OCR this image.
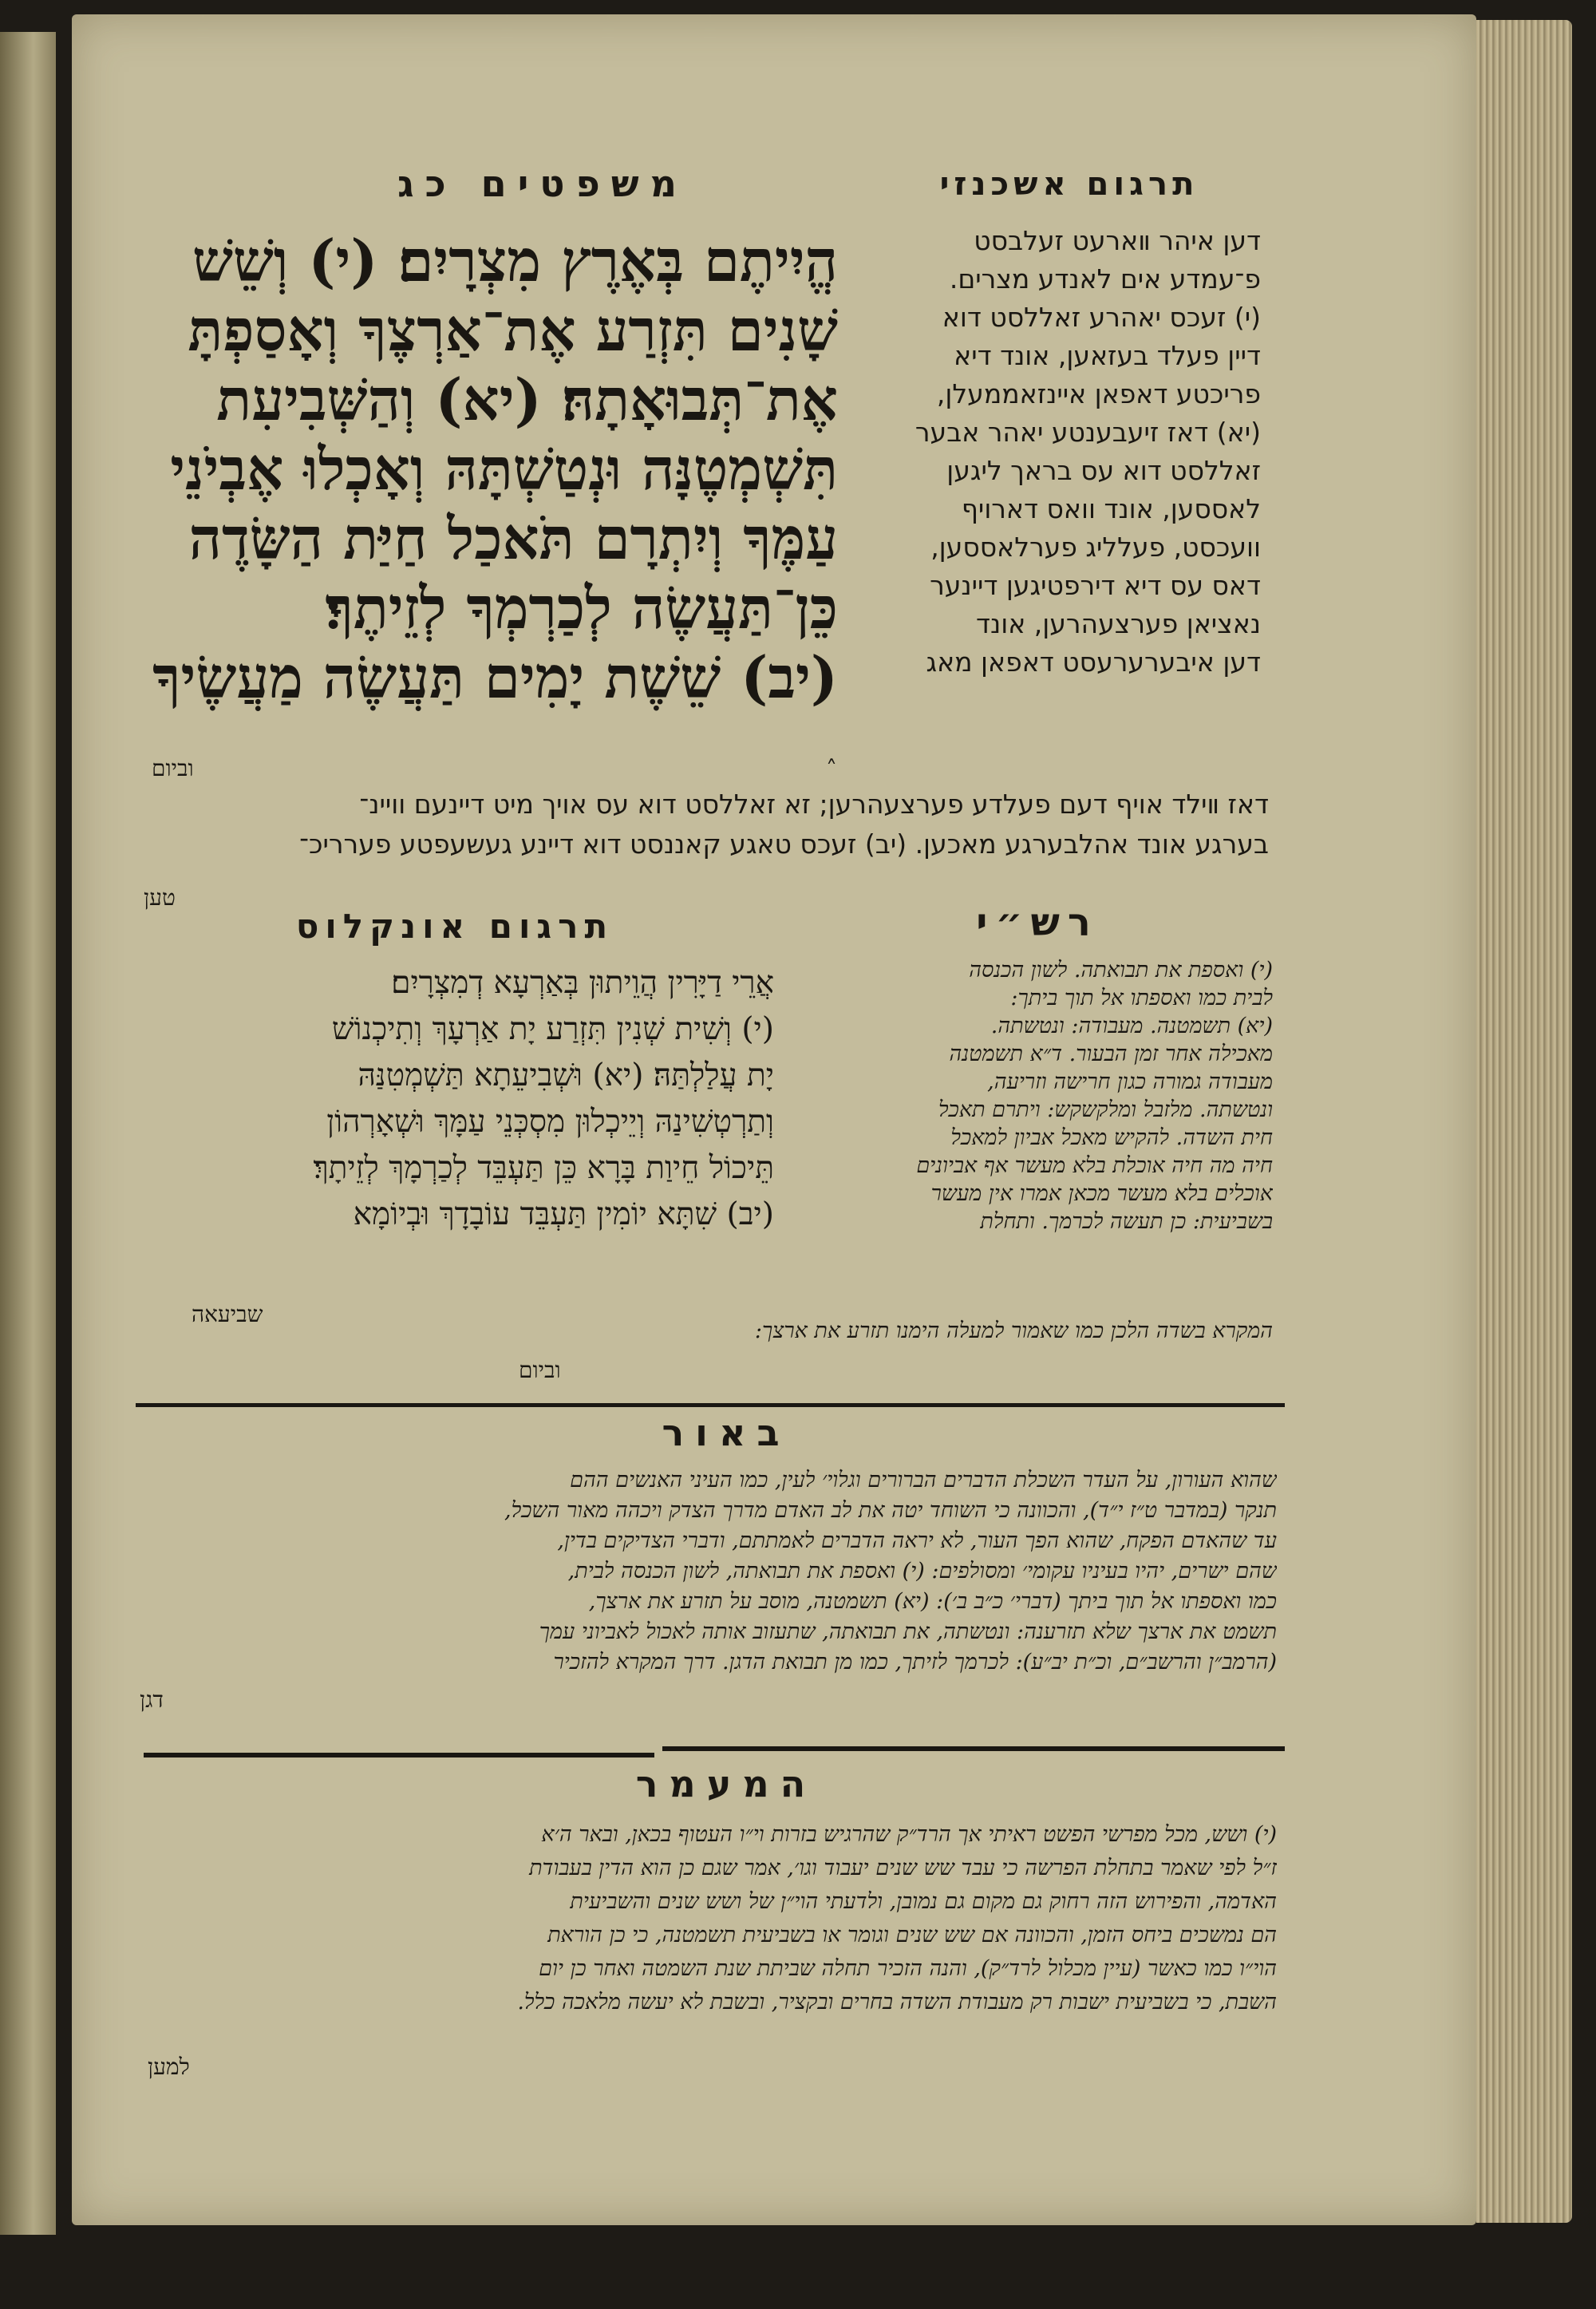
משפטים כג	תרגום אשכנזי
דען איהר װארעט זעלבסט
פ־עמדע אים לאנדע מצרים.
(י) זעכס יאהרע זאללסט דוא
דיין פעלד בעזאען, אונד דיא
פריכטע דאפאן איינזאממעלן,
(יא) דאז זיעבענטע יאהר אבער
זאללסט דוא עס בראך ליגען
לאססען, אונד וואס דארויף
וועכסט, פעלליג פערלאססען,
דאס עס דיא דירפטיגען דיינער
נאציאן פערצעהרען, אונד
דען איבערערעסט דאפאן מאג
הֱיִיתֶם בְּאֶרֶץ מִצְרָיִם׃ (י) וְשֵׁשׁ
שָׁנִים תִּזְרַע אֶת־אַרְצֶךָ וְאָסַפְתָּ
אֶת־תְּבוּאָתָהּ׃ (יא) וְהַשְּׁבִיעִת
תִּשְׁמְטֶנָּה וּנְטַשְׁתָּהּ וְאָכְלוּ אֶבְיֹנֵי
עַמֶּךָ וְיִתְרָם תֹּאכַל חַיַּת הַשָּׂדֶה
כֵּן־תַּעֲשֶׂה לְכַרְמְךָ לְזֵיתֶךָ׃
(יב) שֵׁשֶׁת יָמִים תַּעֲשֶׂה מַעֲשֶׂיךָ
וביום
˰
דאז װילד אויף דעם פעלדע פערצעהרען; זא זאללסט דוא עס אויך מיט דיינעם וויינ־
בערגע אונד אהלבערגע מאכען. (יב) זעכס טאגע קאננסט דוא דיינע געשעפטע פערריכ־
טען
תרגום אונקלוס	רש״י
אֲרֵי דַיָּרִין הֲוֵיתוּן בְּאַרְעָא דְמִצְרָיִם׃
(י) וְשִׁית שְׁנִין תִּזְרַע יָת אַרְעָךְ וְתִיכְנוֹשׁ
יָת עֲלַלְתַּהּ׃ (יא) וּשְׁבִיעֵתָא תַּשְׁמְטִנַּהּ
וְתַרְטְשִׁינַהּ וְיֵיכְלוּן מִסְכְּנֵי עַמָּךְ וּשְׁאָרְהוֹן
תֵּיכוֹל חֵיוַת בָּרָא כֵּן תַּעְבֵּד לְכַרְמָךְ לְזֵיתָךְ׃
(יב) שִׁתָּא יוֹמִין תַּעְבֵּד עוֹבָדָךְ וּבְיוֹמָא
שביעאה
(י) ואספת את תבואתה. לשון הכנסה
לבית כמו ואספתו אל תוך ביתך:
(יא) תשמטנה. מעבודה: ונטשתה.
מאכילה אחר זמן הבעור. ד״א תשמטנה
מעבודה גמורה כגון חרישה וזריעה,
ונטשתה. מלזבל ומלקשקש: ויתרם תאכל
חית השדה. להקיש מאכל אביון למאכל
חיה מה חיה אוכלת בלא מעשר אף אביונים
אוכלים בלא מעשר מכאן אמרו אין מעשר
בשביעית: כן תעשה לכרמך. ותחלת
המקרא בשדה הלכן כמו שאמור למעלה הימנו תזרע את ארצך:
וביום
באור
שהוא העורון, על העדר השכלת הדברים הברורים וגלוי׳ לעין, כמו העיני האנשים ההם
תנקר (במדבר ט״ז י״ד), והכוונה כי השוחד יטה את לב האדם מדרך הצדק ויכהה מאור השכל,
עד שהאדם הפקח, שהוא הפך העור, לא יראה הדברים לאמתתם, ודברי הצדיקים בדין,
שהם ישרים, יהיו בעיניו עקומי׳ ומסולפים: (י) ואספת את תבואתה, לשון הכנסה לבית,
כמו ואספתו אל תוך ביתך (דברי׳ כ״ב ב׳): (יא) תשמטנה, מוסב על תזרע את ארצך,
תשמט את ארצך שלא תזרענה: ונטשתה, את תבואתה, שתעזוב אותה לאכול לאביוני עמך
(הרמב״ן והרשב״ם, וכ״ת יב״ע): לכרמך לזיתך, כמו מן תבואת הדגן. דרך המקרא להזכיר
דגן
המעמר
(י) ושש, מכל מפרשי הפשט ראיתי אך הרד״ק שהרגיש בזרות וי״ו העטוף בכאן, ובאר ה׳א
ז״ל לפי שאמר בתחלת הפרשה כי עבד שש שנים יעבוד וגו׳, אמר שגם כן הוא הדין בעבודת
האדמה, והפירוש הזה רחוק גם מקום גם נמובן, ולדעתי הוי״ן של ושש שנים והשביעית
הם נמשכים ביחס הזמן, והכוונה אם שש שנים וגומר או בשביעית תשמטנה, כי כן הוראת
הוי״ו כמו כאשר (עיין מכלול לרד״ק), והנה הזכיר תחלה שביתת שנת השמטה ואחר כן יום
השבת, כי בשביעית ישבות רק מעבודת השדה בחרים ובקציר, ובשבת לא יעשה מלאכה כלל.
למען
